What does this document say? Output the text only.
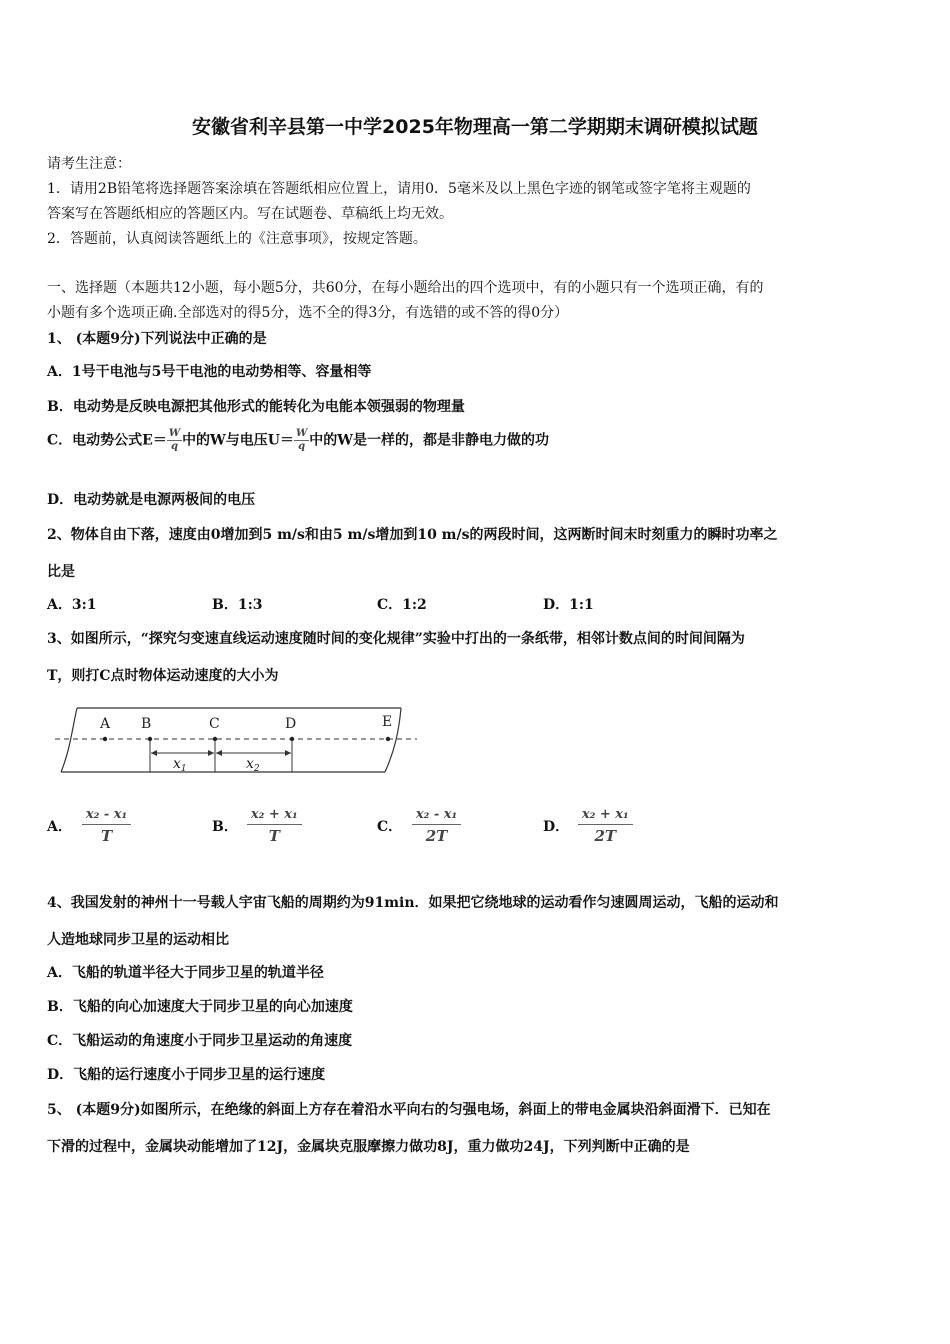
安徽省利辛县第一中学2025年物理高一第二学期期末调研模拟试题
请考生注意：
1．请用2B铅笔将选择题答案涂填在答题纸相应位置上，请用0．5毫米及以上黑色字迹的钢笔或签字笔将主观题的
答案写在答题纸相应的答题区内。写在试题卷、草稿纸上均无效。
2．答题前，认真阅读答题纸上的《注意事项》，按规定答题。
一、选择题（本题共12小题，每小题5分，共60分，在每小题给出的四个选项中，有的小题只有一个选项正确，有的
小题有多个选项正确.全部选对的得5分，选不全的得3分，有选错的或不答的得0分）
1、 (本题9分)下列说法中正确的是
A．1号干电池与5号干电池的电动势相等、容量相等
B．电动势是反映电源把其他形式的能转化为电能本领强弱的物理量
C．电动势公式$E= \frac{W}{q}$ 中的W与电压$U= \frac{W}{q}$ 中的W是一样的，都是非静电力做的功
D．电动势就是电源两极间的电压
2、物体自由下落，速度由0增加到5 m/s和由5 m/s增加到10 m/s的两段时间，这两断时间末时刻重力的瞬时功率之
比是
A．3:1	B．1:3	C．1:2	D．1:1
3、如图所示，“探究匀变速直线运动速度随时间的变化规律”实验中打出的一条纸带，相邻计数点间的时间间隔为
T，则打C点时物体运动速度的大小为
A B	C	D	E
$x_1$	$x_2$
A． $\frac{\text{x₂ - x₁}}{T}$	B． $\frac{\text{x₂ + x₁}}{T}$	C． $\frac{\text{x₂ - x₁}}{2T}$	D． $\frac{\text{x₂ + x₁}}{2T}$
4、我国发射的神州十一号载人宇宙飞船的周期约为91min．如果把它绕地球的运动看作匀速圆周运动，飞船的运动和
人造地球同步卫星的运动相比
A．飞船的轨道半径大于同步卫星的轨道半径
B．飞船的向心加速度大于同步卫星的向心加速度
C．飞船运动的角速度小于同步卫星运动的角速度
D．飞船的运行速度小于同步卫星的运行速度
5、 (本题9分)如图所示，在绝缘的斜面上方存在着沿水平向右的匀强电场，斜面上的带电金属块沿斜面滑下．已知在
下滑的过程中，金属块动能增加了12J，金属块克服摩擦力做功8J，重力做功24J，下列判断中正确的是
